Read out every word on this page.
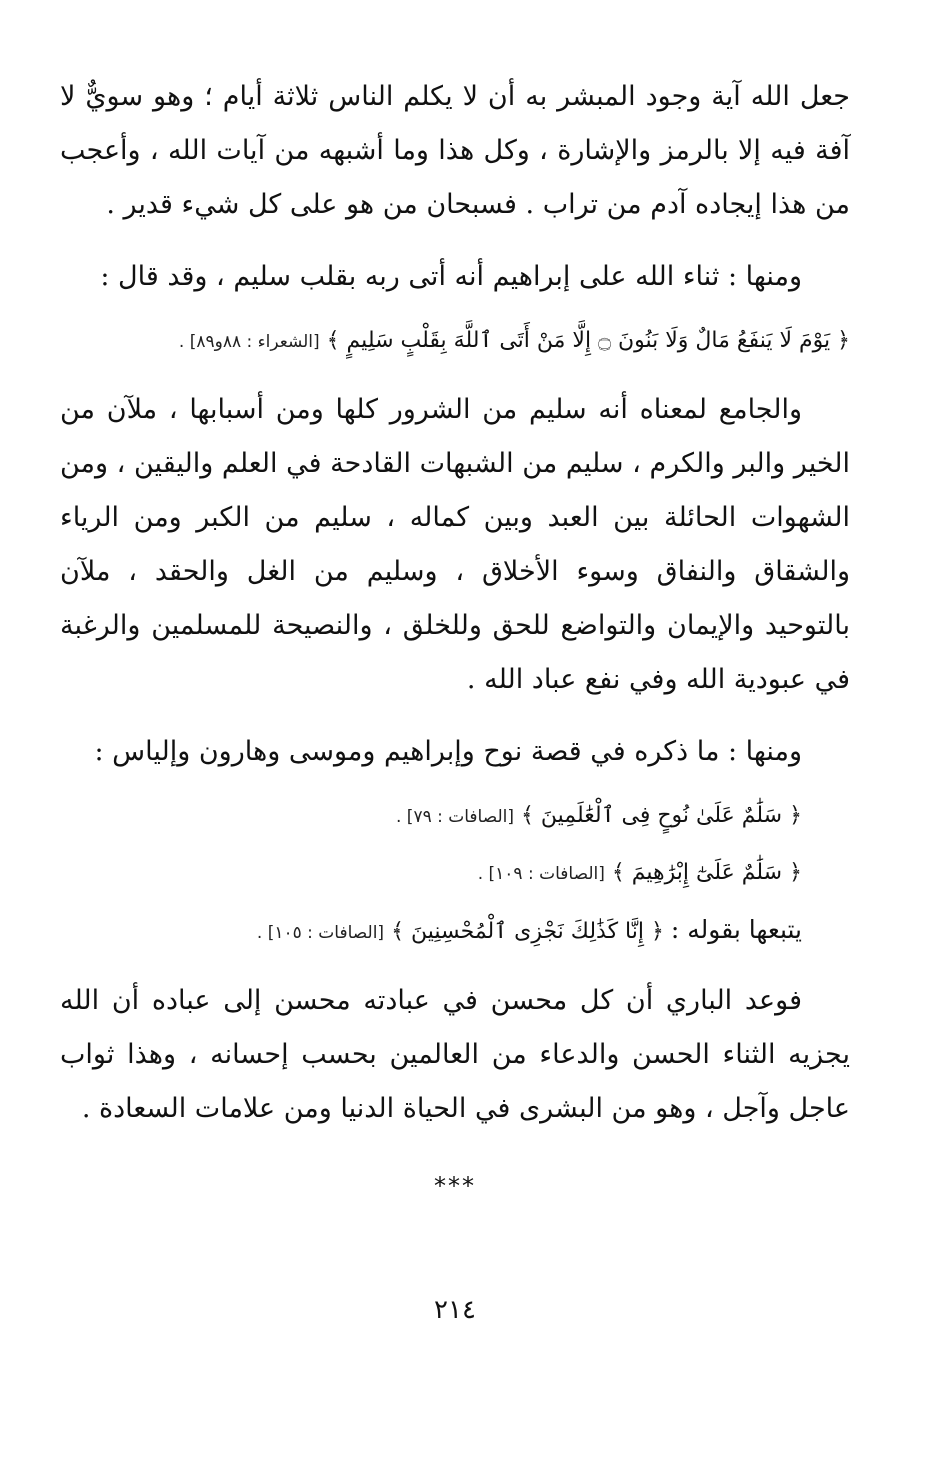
جعل الله آية وجود المبشر به أن لا يكلم الناس ثلاثة أيام ؛ وهو سويٌّ لا آفة فيه إلا بالرمز والإشارة ، وكل هذا وما أشبهه من آيات الله ، وأعجب من هذا إيجاده آدم من تراب . فسبحان من هو على كل شيء قدير .

ومنها : ثناء الله على إبراهيم أنه أتى ربه بقلب سليم ، وقد قال :

﴿ يَوْمَ لَا يَنفَعُ مَالٌ وَلَا بَنُونَ ۝ إِلَّا مَنْ أَتَى ٱللَّهَ بِقَلْبٍ سَلِيمٍ ﴾ [الشعراء : ٨٨و٨٩] .

والجامع لمعناه أنه سليم من الشرور كلها ومن أسبابها ، ملآن من الخير والبر والكرم ، سليم من الشبهات القادحة في العلم واليقين ، ومن الشهوات الحائلة بين العبد وبين كماله ، سليم من الكبر ومن الرياء والشقاق والنفاق وسوء الأخلاق ، وسليم من الغل والحقد ، ملآن بالتوحيد والإيمان والتواضع للحق وللخلق ، والنصيحة للمسلمين والرغبة في عبودية الله وفي نفع عباد الله .

ومنها : ما ذكره في قصة نوح وإبراهيم وموسى وهارون وإلياس :

﴿ سَلَٰمٌ عَلَىٰ نُوحٍ فِى ٱلْعَٰلَمِينَ ﴾ [الصافات : ٧٩] .

﴿ سَلَٰمٌ عَلَىٰٓ إِبْرَٰهِيمَ ﴾ [الصافات : ١٠٩] .

يتبعها بقوله : ﴿ إِنَّا كَذَٰلِكَ نَجْزِى ٱلْمُحْسِنِينَ ﴾ [الصافات : ١٠٥] .

فوعد الباري أن كل محسن في عبادته محسن إلى عباده أن الله يجزيه الثناء الحسن والدعاء من العالمين بحسب إحسانه ، وهذا ثواب عاجل وآجل ، وهو من البشرى في الحياة الدنيا ومن علامات السعادة .

***
٢١٤
